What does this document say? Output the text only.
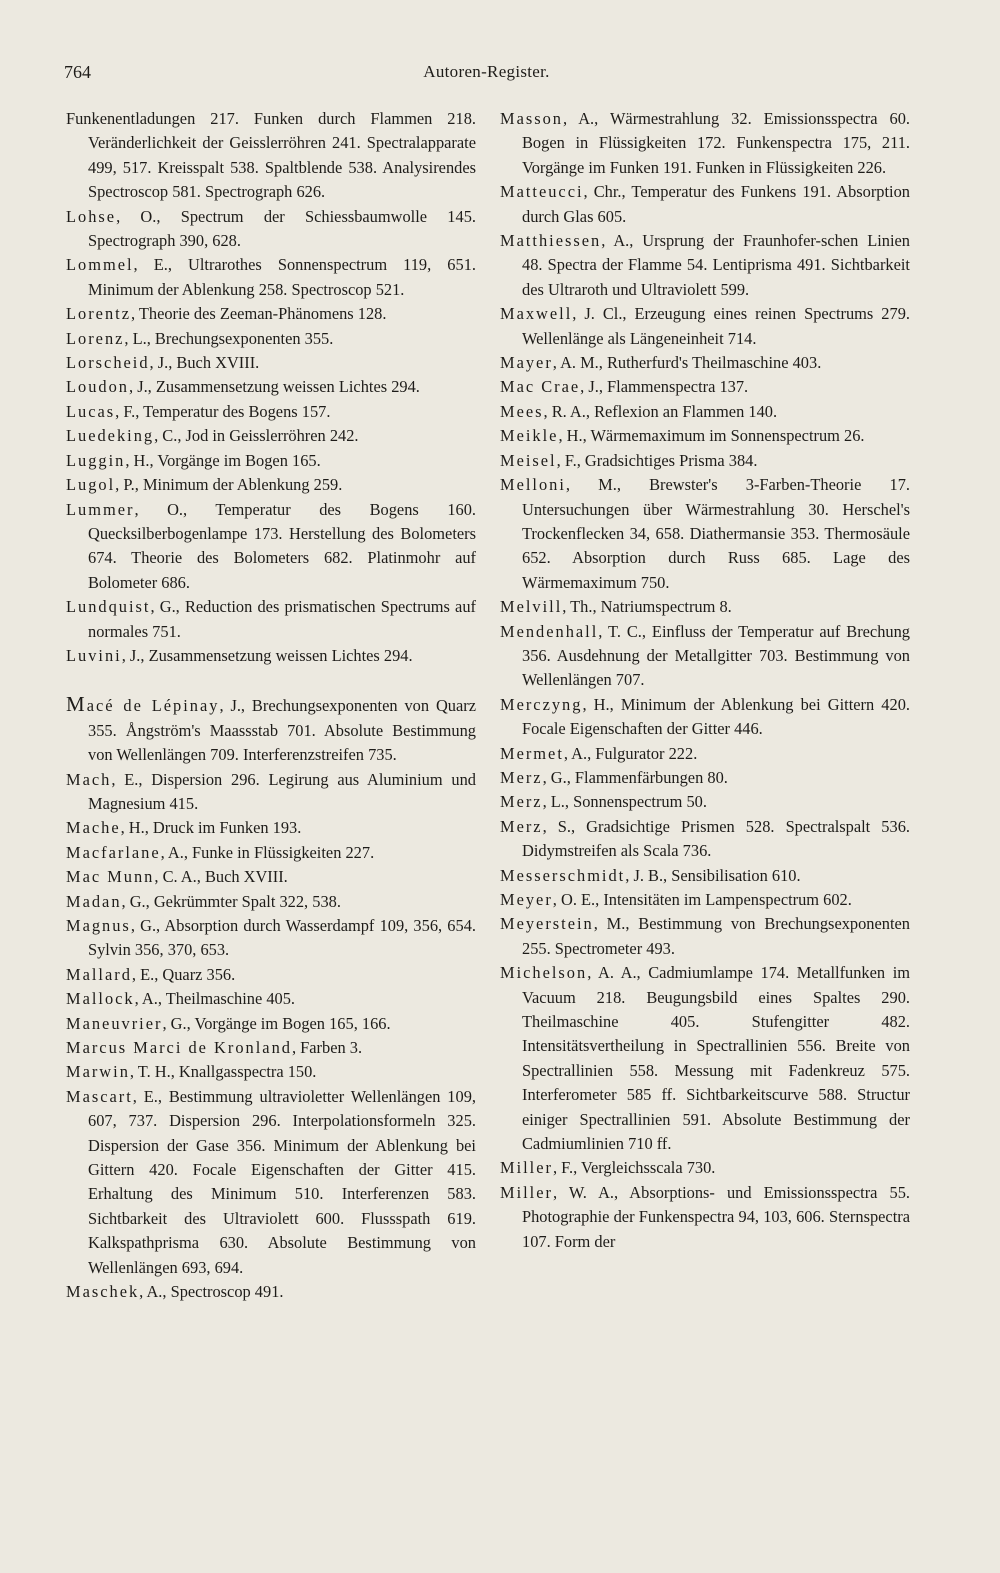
764	Autoren-Register.

Funkenentladungen 217. Funken durch Flammen 218. Veränderlichkeit der Geisslerröhren 241. Spectralapparate 499, 517. Kreisspalt 538. Spaltblende 538. Analysirendes Spectroscop 581. Spectrograph 626.

Lohse, O., Spectrum der Schiessbaumwolle 145. Spectrograph 390, 628.

Lommel, E., Ultrarothes Sonnenspectrum 119, 651. Minimum der Ablenkung 258. Spectroscop 521.

Lorentz, Theorie des Zeeman-Phänomens 128.

Lorenz, L., Brechungsexponenten 355.

Lorscheid, J., Buch XVIII.

Loudon, J., Zusammensetzung weissen Lichtes 294.

Lucas, F., Temperatur des Bogens 157.

Luedeking, C., Jod in Geisslerröhren 242.

Luggin, H., Vorgänge im Bogen 165.

Lugol, P., Minimum der Ablenkung 259.

Lummer, O., Temperatur des Bogens 160. Quecksilberbogenlampe 173. Herstellung des Bolometers 674. Theorie des Bolometers 682. Platinmohr auf Bolometer 686.

Lundquist, G., Reduction des prismatischen Spectrums auf normales 751.

Luvini, J., Zusammensetzung weissen Lichtes 294.

Macé de Lépinay, J., Brechungsexponenten von Quarz 355. Ångström's Maassstab 701. Absolute Bestimmung von Wellenlängen 709. Interferenzstreifen 735.

Mach, E., Dispersion 296. Legirung aus Aluminium und Magnesium 415.

Mache, H., Druck im Funken 193.

Macfarlane, A., Funke in Flüssigkeiten 227.

Mac Munn, C. A., Buch XVIII.

Madan, G., Gekrümmter Spalt 322, 538.

Magnus, G., Absorption durch Wasserdampf 109, 356, 654. Sylvin 356, 370, 653.

Mallard, E., Quarz 356.

Mallock, A., Theilmaschine 405.

Maneuvrier, G., Vorgänge im Bogen 165, 166.

Marcus Marci de Kronland, Farben 3.

Marwin, T. H., Knallgasspectra 150.

Mascart, E., Bestimmung ultravioletter Wellenlängen 109, 607, 737. Dispersion 296. Interpolationsformeln 325. Dispersion der Gase 356. Minimum der Ablenkung bei Gittern 420. Focale Eigenschaften der Gitter 415. Erhaltung des Minimum 510. Interferenzen 583. Sichtbarkeit des Ultraviolett 600. Flussspath 619. Kalkspathprisma 630. Absolute Bestimmung von Wellenlängen 693, 694.

Maschek, A., Spectroscop 491.

Masson, A., Wärmestrahlung 32. Emissionsspectra 60. Bogen in Flüssigkeiten 172. Funkenspectra 175, 211. Vorgänge im Funken 191. Funken in Flüssigkeiten 226.

Matteucci, Chr., Temperatur des Funkens 191. Absorption durch Glas 605.

Matthiessen, A., Ursprung der Fraunhofer-schen Linien 48. Spectra der Flamme 54. Lentiprisma 491. Sichtbarkeit des Ultraroth und Ultraviolett 599.

Maxwell, J. Cl., Erzeugung eines reinen Spectrums 279. Wellenlänge als Längeneinheit 714.

Mayer, A. M., Rutherfurd's Theilmaschine 403.

Mac Crae, J., Flammenspectra 137.

Mees, R. A., Reflexion an Flammen 140.

Meikle, H., Wärmemaximum im Sonnenspectrum 26.

Meisel, F., Gradsichtiges Prisma 384.

Melloni, M., Brewster's 3-Farben-Theorie 17. Untersuchungen über Wärmestrahlung 30. Herschel's Trockenflecken 34, 658. Diathermansie 353. Thermosäule 652. Absorption durch Russ 685. Lage des Wärmemaximum 750.

Melvill, Th., Natriumspectrum 8.

Mendenhall, T. C., Einfluss der Temperatur auf Brechung 356. Ausdehnung der Metallgitter 703. Bestimmung von Wellenlängen 707.

Merczyng, H., Minimum der Ablenkung bei Gittern 420. Focale Eigenschaften der Gitter 446.

Mermet, A., Fulgurator 222.

Merz, G., Flammenfärbungen 80.

Merz, L., Sonnenspectrum 50.

Merz, S., Gradsichtige Prismen 528. Spectralspalt 536. Didymstreifen als Scala 736.

Messerschmidt, J. B., Sensibilisation 610.

Meyer, O. E., Intensitäten im Lampenspectrum 602.

Meyerstein, M., Bestimmung von Brechungsexponenten 255. Spectrometer 493.

Michelson, A. A., Cadmiumlampe 174. Metallfunken im Vacuum 218. Beugungsbild eines Spaltes 290. Theilmaschine 405. Stufengitter 482. Intensitätsvertheilung in Spectrallinien 556. Breite von Spectrallinien 558. Messung mit Fadenkreuz 575. Interferometer 585 ff. Sichtbarkeitscurve 588. Structur einiger Spectrallinien 591. Absolute Bestimmung der Cadmiumlinien 710 ff.

Miller, F., Vergleichsscala 730.

Miller, W. A., Absorptions- und Emissionsspectra 55. Photographie der Funkenspectra 94, 103, 606. Sternspectra 107. Form der
